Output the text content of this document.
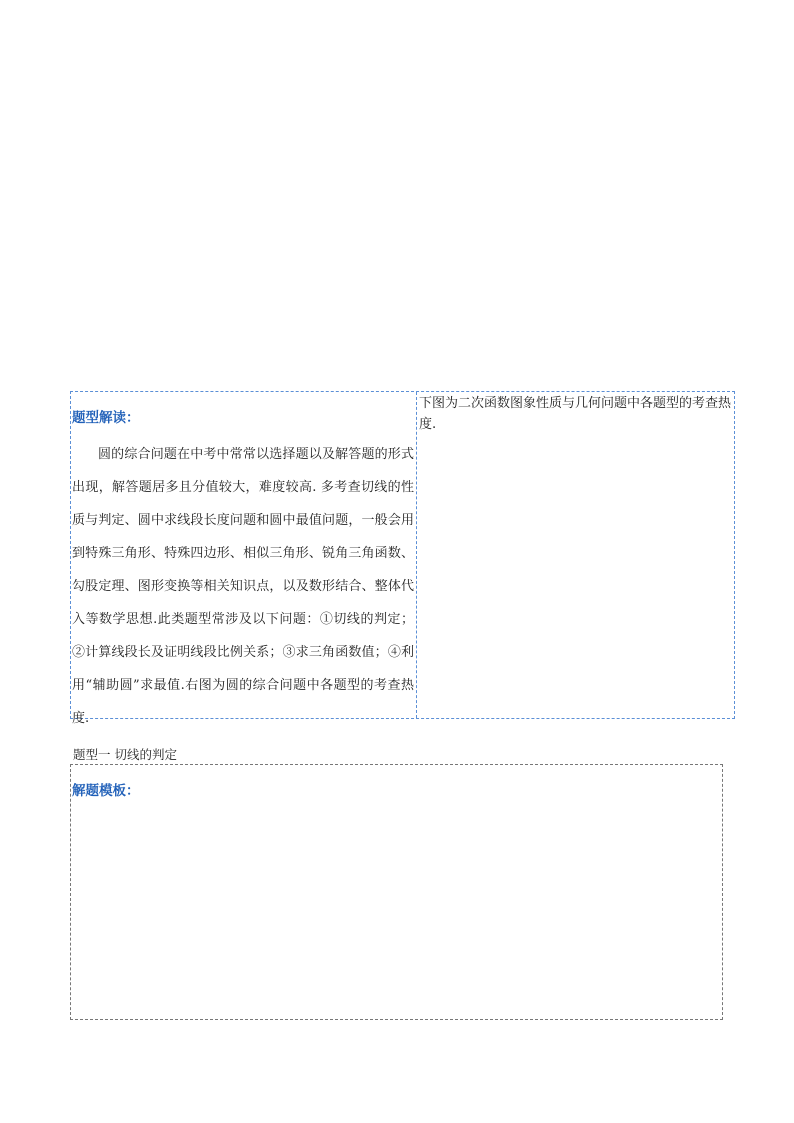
题型解读：
圆的综合问题在中考中常常以选择题以及解答题的形式出现，解答题居多且分值较大，难度较高. 多考查切线的性质与判定、圆中求线段长度问题和圆中最值问题，一般会用到特殊三角形、特殊四边形、相似三角形、锐角三角函数、勾股定理、图形变换等相关知识点，以及数形结合、整体代入等数学思想.此类题型常涉及以下问题：①切线的判定；②计算线段长及证明线段比例关系；③求三角函数值；④利用“辅助圆”求最值.右图为圆的综合问题中各题型的考查热度.
下图为二次函数图象性质与几何问题中各题型的考查热度.
题型一 切线的判定
解题模板：
